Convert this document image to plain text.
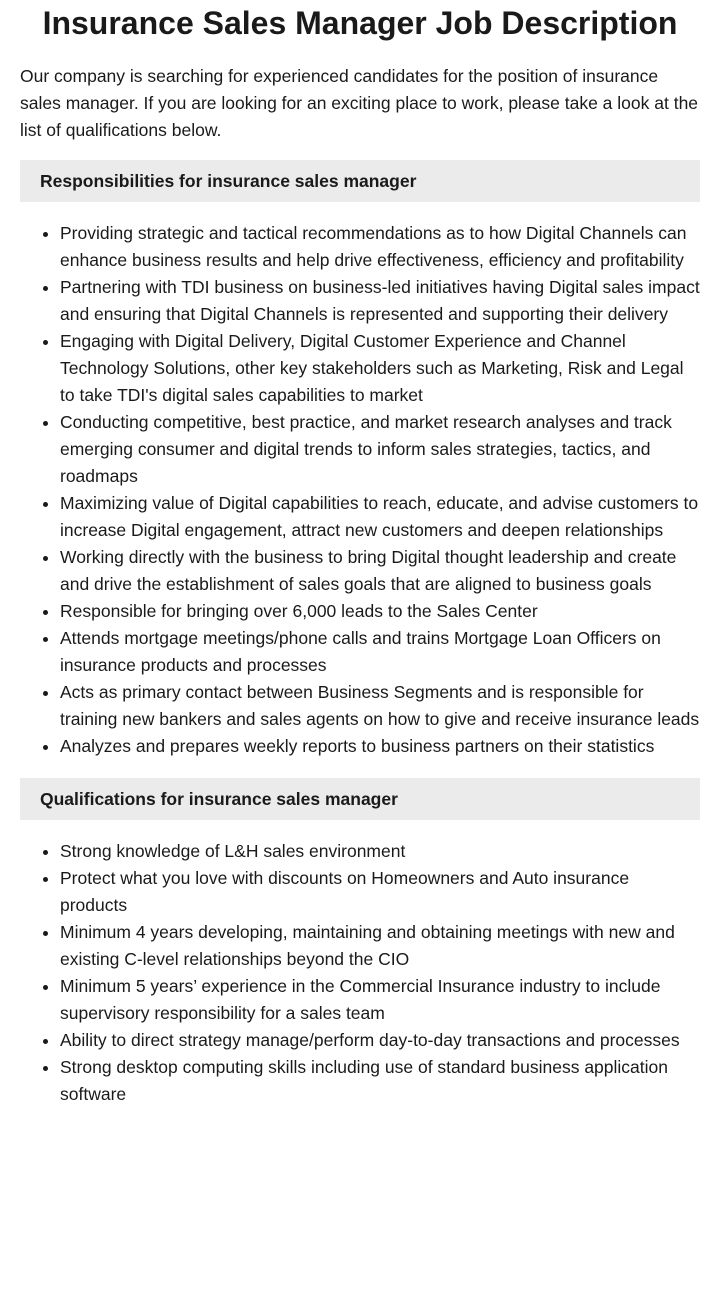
Insurance Sales Manager Job Description

Our company is searching for experienced candidates for the position of insurance sales manager. If you are looking for an exciting place to work, please take a look at the list of qualifications below.

Responsibilities for insurance sales manager
• Providing strategic and tactical recommendations as to how Digital Channels can enhance business results and help drive effectiveness, efficiency and profitability
• Partnering with TDI business on business-led initiatives having Digital sales impact and ensuring that Digital Channels is represented and supporting their delivery
• Engaging with Digital Delivery, Digital Customer Experience and Channel Technology Solutions, other key stakeholders such as Marketing, Risk and Legal to take TDI's digital sales capabilities to market
• Conducting competitive, best practice, and market research analyses and track emerging consumer and digital trends to inform sales strategies, tactics, and roadmaps
• Maximizing value of Digital capabilities to reach, educate, and advise customers to increase Digital engagement, attract new customers and deepen relationships
• Working directly with the business to bring Digital thought leadership and create and drive the establishment of sales goals that are aligned to business goals
• Responsible for bringing over 6,000 leads to the Sales Center
• Attends mortgage meetings/phone calls and trains Mortgage Loan Officers on insurance products and processes
• Acts as primary contact between Business Segments and is responsible for training new bankers and sales agents on how to give and receive insurance leads
• Analyzes and prepares weekly reports to business partners on their statistics
Qualifications for insurance sales manager
• Strong knowledge of L&H sales environment
• Protect what you love with discounts on Homeowners and Auto insurance products
• Minimum 4 years developing, maintaining and obtaining meetings with new and existing C-level relationships beyond the CIO
• Minimum 5 years’ experience in the Commercial Insurance industry to include supervisory responsibility for a sales team
• Ability to direct strategy manage/perform day-to-day transactions and processes
• Strong desktop computing skills including use of standard business application software
